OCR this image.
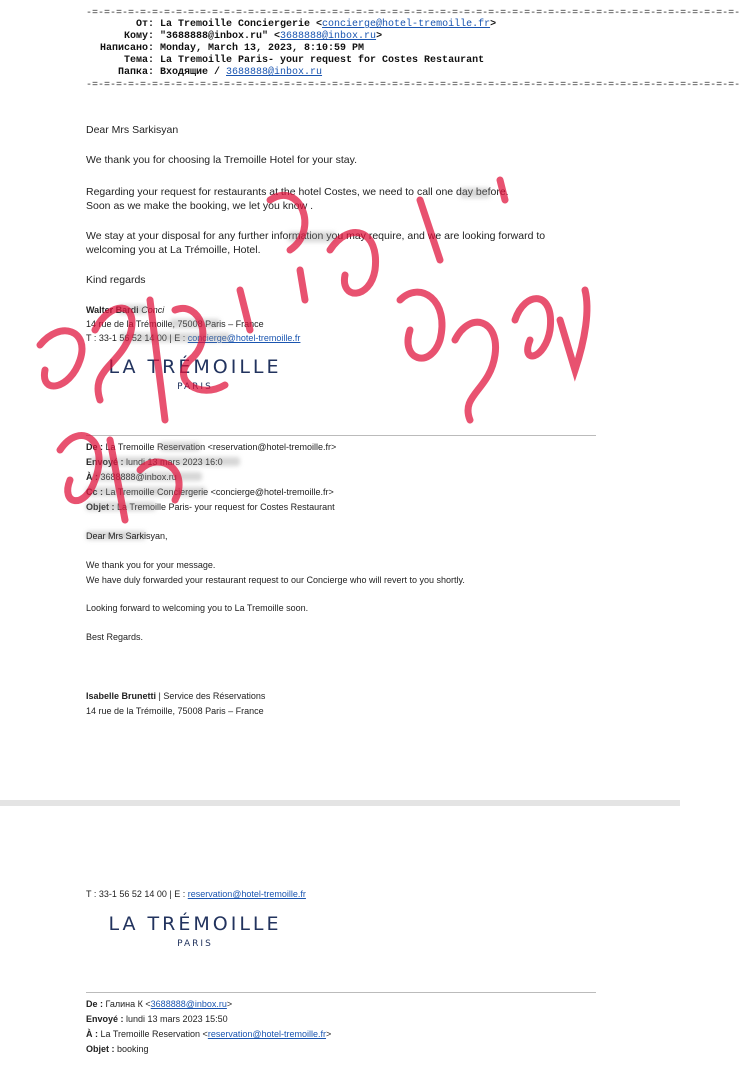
-=-=-=-=-=-=-=-=-=-=-=-=-=-=-=-=-=-=-=-=-=-=-=-=-=-=-=-=-=-=-=-=-=-=-=-=-=-=-=-=-=-=-=-=-=-=-=-=-=-=-=-=-=-=-
От: La Tremoille Conciergerie <concierge@hotel-tremoille.fr>
Кому: "3688888@inbox.ru" <3688888@inbox.ru>
Написано: Monday, March 13, 2023, 8:10:59 PM
Тема: La Tremoille Paris- your request for Costes Restaurant
Папка: Входящие / 3688888@inbox.ru
-=-=-=-=-=-=-=-=-=-=-=-=-=-=-=-=-=-=-=-=-=-=-=-=-=-=-=-=-=-=-=-=-=-=-=-=-=-=-=-=-=-=-=-=-=-=-=-=-=-=-=-=-=-=-
Dear Mrs Sarkisyan
We thank you for choosing la Tremoille Hotel for your stay.
Regarding your request for restaurants at the hotel Costes, we need to call one day before.
Soon as we make the booking, we let you know .
We stay at your disposal for any further information you may require, and we are looking forward to
welcoming you at La Trémoille, Hotel.
Kind regards
Walter Bardi Conci
14 rue de la Trémoille, 75008 Paris – France
T : 33-1 56 52 14 00 | E : concierge@hotel-tremoille.fr
LA TRÉMOILLE
PARIS
De : La Tremoille Reservation <reservation@hotel-tremoille.fr>
Envoyé : lundi 13 mars 2023 16:0
À : 3688888@inbox.ru
Cc : La Tremoille Conciergerie <concierge@hotel-tremoille.fr>
Objet : La Tremoille Paris- your request for Costes Restaurant
Dear Mrs Sarkisyan,
We thank you for your message.
We have duly forwarded your restaurant request to our Concierge who will revert to you shortly.
Looking forward to welcoming you to La Tremoille soon.
Best Regards.
Isabelle Brunetti | Service des Réservations
14 rue de la Trémoille, 75008 Paris – France
T : 33-1 56 52 14 00 | E : reservation@hotel-tremoille.fr
LA TRÉMOILLE
PARIS
De : Галина К <3688888@inbox.ru>
Envoyé : lundi 13 mars 2023 15:50
À : La Tremoille Reservation <reservation@hotel-tremoille.fr>
Objet : booking
